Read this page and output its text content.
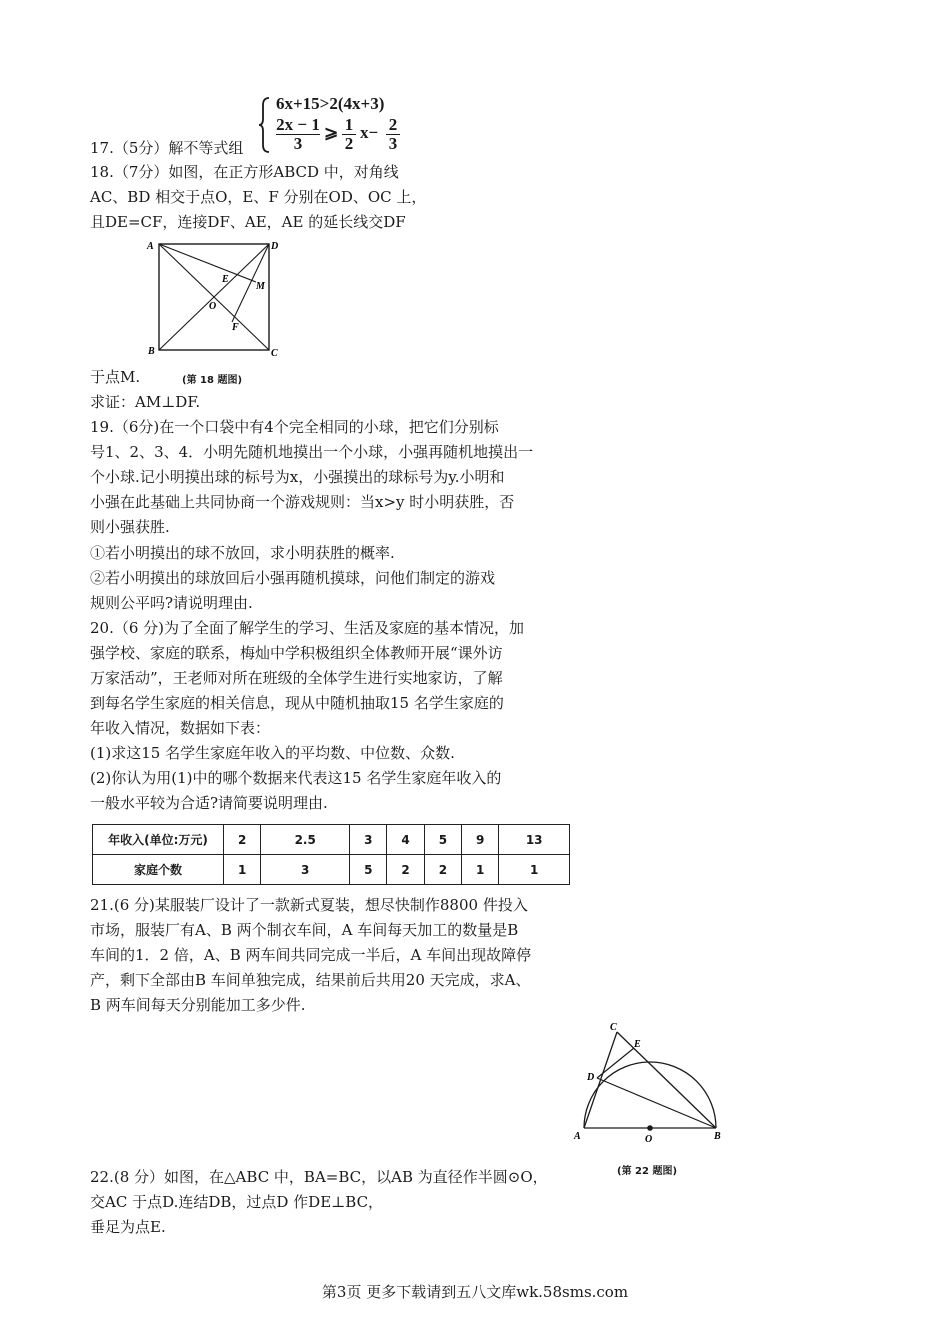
17.（5分）解不等式组
6x+15>2(4x+3)
2x − 1
3
⩾ 1
2
x− 2
3
18.（7分）如图，在正方形ABCD 中，对角线
AC、BD 相交于点O，E、F 分别在OD、OC 上，
且DE=CF，连接DF、AE，AE 的延长线交DF
A	D
B	C
O
E
M
F
于点M.	(第 18 题图)
求证：AM⊥DF.
19.（6分)在一个口袋中有4个完全相同的小球，把它们分别标
号1、2、3、4．小明先随机地摸出一个小球，小强再随机地摸出一
个小球.记小明摸出球的标号为x，小强摸出的球标号为y.小明和
小强在此基础上共同协商一个游戏规则：当x>y 时小明获胜，否
则小强获胜.
①若小明摸出的球不放回，求小明获胜的概率.
②若小明摸出的球放回后小强再随机摸球，问他们制定的游戏
规则公平吗?请说明理由.
20.（6 分)为了全面了解学生的学习、生活及家庭的基本情况，加
强学校、家庭的联系，梅灿中学积极组织全体教师开展“课外访
万家活动”，王老师对所在班级的全体学生进行实地家访，了解
到每名学生家庭的相关信息，现从中随机抽取15 名学生家庭的
年收入情况，数据如下表：
(1)求这15 名学生家庭年收入的平均数、中位数、众数.
(2)你认为用(1)中的哪个数据来代表这15 名学生家庭年收入的
一般水平较为合适?请简要说明理由.
年收入(单位:万元)	2	2.5	3	4	5	9	13
家庭个数	1	3	5	2	2	1	1
21.(6 分)某服装厂设计了一款新式夏装，想尽快制作8800 件投入
市场，服装厂有A、B 两个制衣车间，A 车间每天加工的数量是B
车间的1．2 倍，A、B 两车间共同完成一半后，A 车间出现故障停
产，剩下全部由B 车间单独完成，结果前后共用20 天完成，求A、
B 两车间每天分别能加工多少件.
C
E
D
A	O	B
(第 22 题图)
22.(8 分）如图，在△ABC 中，BA=BC，以AB 为直径作半圆⊙O，
交AC 于点D.连结DB，过点D 作DE⊥BC，
垂足为点E.
第3页 更多下载请到五八文库wk.58sms.com
